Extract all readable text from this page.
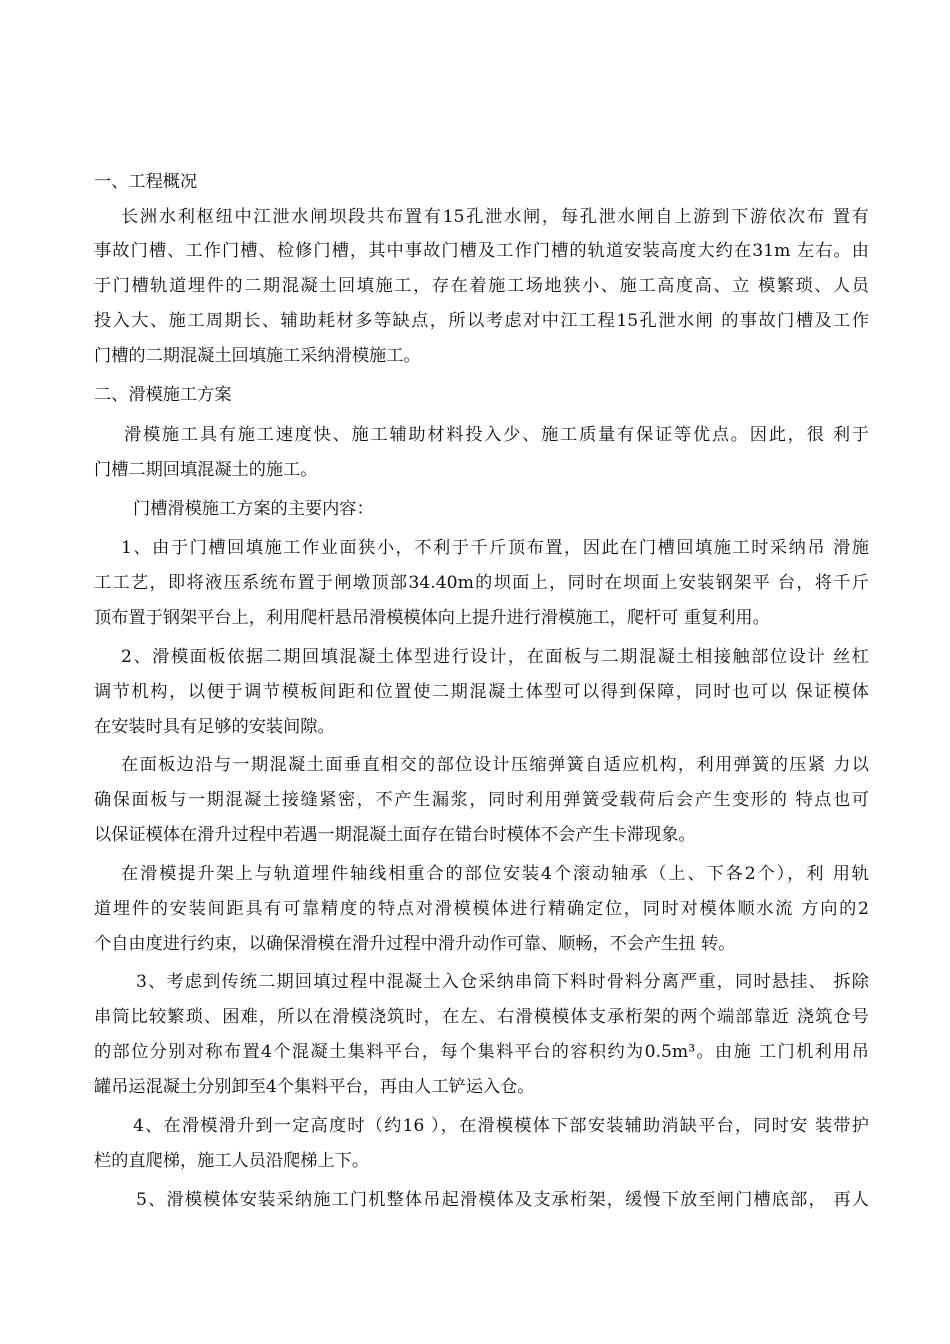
一、工程概况
长洲水利枢纽中江泄水闸坝段共布置有15孔泄水闸，每孔泄水闸自上游到下游依次布 置有
事故门槽、工作门槽、检修门槽，其中事故门槽及工作门槽的轨道安装高度大约在31m 左右。由
于门槽轨道埋件的二期混凝土回填施工，存在着施工场地狭小、施工高度高、立 模繁琐、人员
投入大、施工周期长、辅助耗材多等缺点，所以考虑对中江工程15孔泄水闸 的事故门槽及工作
门槽的二期混凝土回填施工采纳滑模施工。
二、滑模施工方案
滑模施工具有施工速度快、施工辅助材料投入少、施工质量有保证等优点。因此，很 利于
门槽二期回填混凝土的施工。
门槽滑模施工方案的主要内容：
1、由于门槽回填施工作业面狭小，不利于千斤顶布置，因此在门槽回填施工时采纳吊 滑施
工工艺，即将液压系统布置于闸墩顶部34.40m的坝面上，同时在坝面上安装钢架平 台，将千斤
顶布置于钢架平台上，利用爬杆悬吊滑模模体向上提升进行滑模施工，爬杆可 重复利用。
2、滑模面板依据二期回填混凝土体型进行设计，在面板与二期混凝土相接触部位设计 丝杠
调节机构，以便于调节模板间距和位置使二期混凝土体型可以得到保障，同时也可以 保证模体
在安装时具有足够的安装间隙。
在面板边沿与一期混凝土面垂直相交的部位设计压缩弹簧自适应机构，利用弹簧的压紧 力以
确保面板与一期混凝土接缝紧密，不产生漏浆，同时利用弹簧受载荷后会产生变形的 特点也可
以保证模体在滑升过程中若遇一期混凝土面存在错台时模体不会产生卡滞现象。
在滑模提升架上与轨道埋件轴线相重合的部位安装4个滚动轴承（上、下各2个），利 用轨
道埋件的安装间距具有可靠精度的特点对滑模模体进行精确定位，同时对模体顺水流 方向的2
个自由度进行约束，以确保滑模在滑升过程中滑升动作可靠、顺畅，不会产生扭 转。
3、考虑到传统二期回填过程中混凝土入仓采纳串筒下料时骨料分离严重，同时悬挂、 拆除
串筒比较繁琐、困难，所以在滑模浇筑时，在左、右滑模模体支承桁架的两个端部靠近 浇筑仓号
的部位分别对称布置4个混凝土集料平台，每个集料平台的容积约为0.5m³。由施 工门机利用吊
罐吊运混凝土分别卸至4个集料平台，再由人工铲运入仓。
4、在滑模滑升到一定高度时（约16 ），在滑模模体下部安装辅助消缺平台，同时安 装带护
栏的直爬梯，施工人员沿爬梯上下。
5、滑模模体安装采纳施工门机整体吊起滑模体及支承桁架，缓慢下放至闸门槽底部， 再人
